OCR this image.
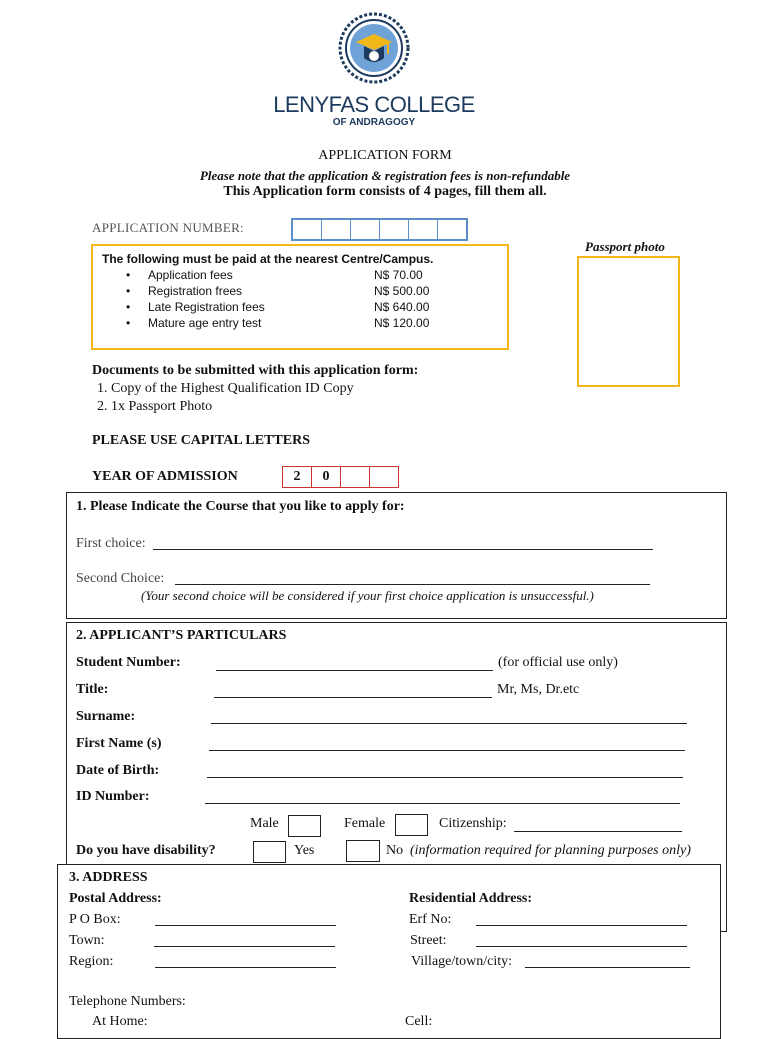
LENYFAS COLLEGE
OF ANDRAGOGY
APPLICATION FORM
Please note that the application & registration fees is non-refundable
This Application form consists of 4 pages, fill them all.
APPLICATION NUMBER:
The following must be paid at the nearest Centre/Campus.
• Application fees	N$ 70.00
• Registration frees	N$ 500.00
• Late Registration fees	N$ 640.00
• Mature age entry test	N$ 120.00
Passport photo
Documents to be submitted with this application form:
1. Copy of the Highest Qualification ID Copy
2. 1x Passport Photo
PLEASE USE CAPITAL LETTERS
YEAR OF ADMISSION	2	0
1. Please Indicate the Course that you like to apply for:
First choice:
Second Choice:
(Your second choice will be considered if your first choice application is unsuccessful.)
2. APPLICANT’S PARTICULARS
Student Number:	(for official use only)
Title:	Mr, Ms, Dr.etc
Surname:
First Name (s)
Date of Birth:
ID Number:
Male	Female	Citizenship:
Do you have disability?	Yes	No (information required for planning purposes only)
3. ADDRESS
Postal Address:	Residential Address:
P O Box:	Erf No:
Town:	Street:
Region:	Village/town/city:
Telephone Numbers:
At Home:	Cell:
